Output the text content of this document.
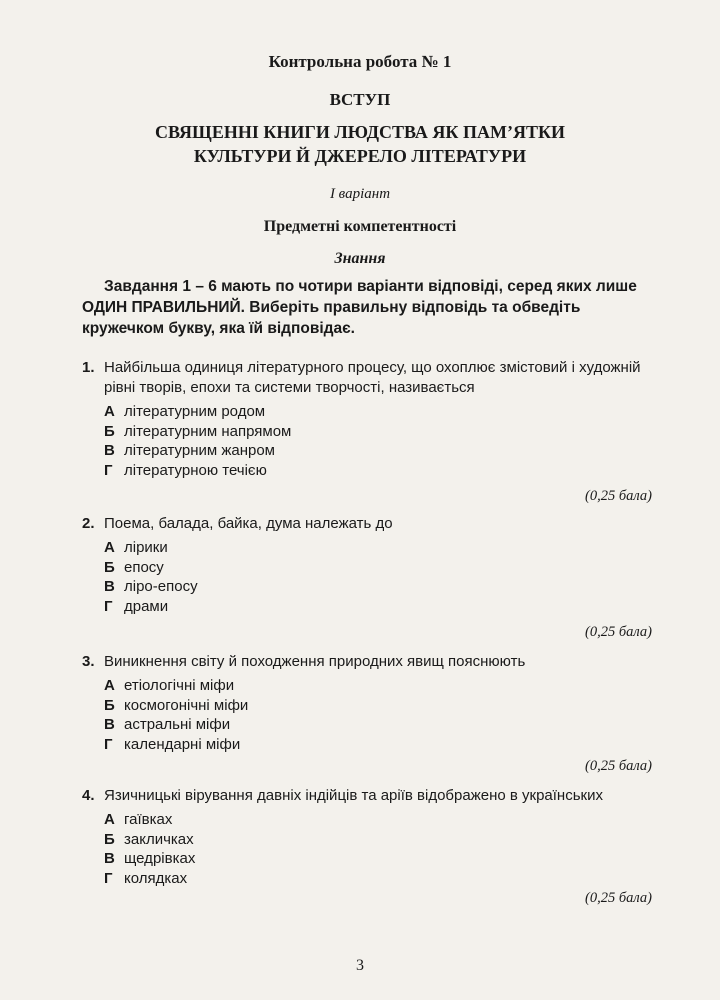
Контрольна робота № 1
ВСТУП
СВЯЩЕННІ КНИГИ ЛЮДСТВА ЯК ПАМ’ЯТКИ
КУЛЬТУРИ Й ДЖЕРЕЛО ЛІТЕРАТУРИ
І варіант
Предметні компетентності
Знання
Завдання 1 – 6 мають по чотири варіанти відповіді, серед яких лише ОДИН ПРАВИЛЬНИЙ. Виберіть правильну відповідь та обведіть кружечком букву, яка їй відповідає.
1. Найбільша одиниця літературного процесу, що охоплює змістовий і художній рівні творів, епохи та системи творчості, називається
А літературним родом
Б літературним напрямом
В літературним жанром
Г літературною течією
(0,25 бала)
2. Поема, балада, байка, дума належать до
А лірики
Б епосу
В ліро-епосу
Г драми
(0,25 бала)
3. Виникнення світу й походження природних явищ пояснюють
А етіологічні міфи
Б космогонічні міфи
В астральні міфи
Г календарні міфи
(0,25 бала)
4. Язичницькі вірування давніх індійців та аріїв відображено в українських
А гаївках
Б закличках
В щедрівках
Г колядках
(0,25 бала)
3
